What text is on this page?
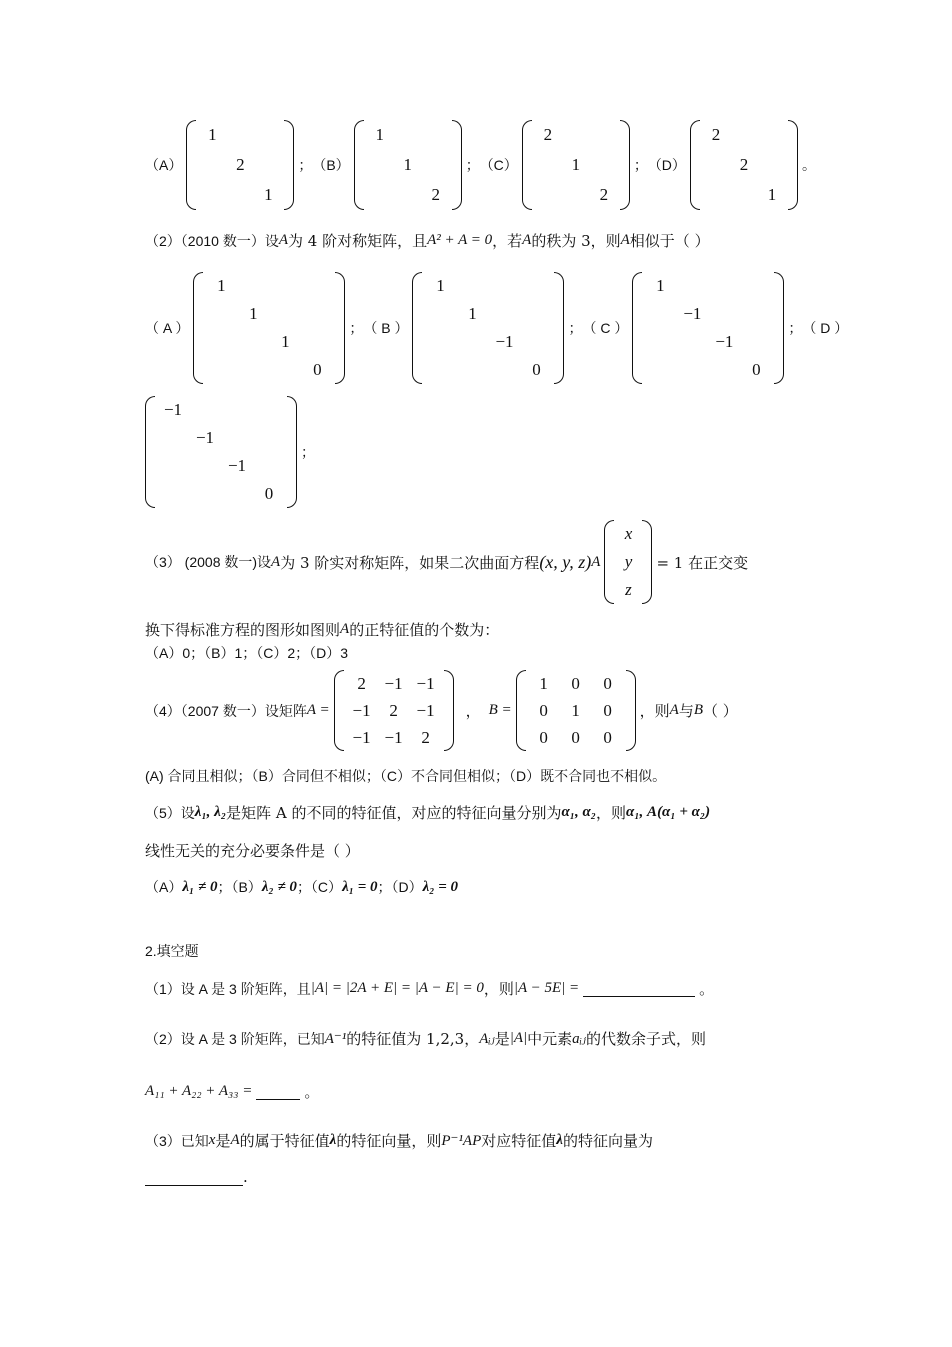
（A）
1		
	2	
		1
； （B）
1		
	1	
		2
； （C）
2		
	1	
		2
； （D）
2		
	2	
		1
。
（2）（2010 数一）设 A 为 4 阶对称矩阵，且 A² + A = 0 ，若 A 的秩为 3，则 A 相似于（ ）
（ A ）
1			
	1		
		1	
			0
； （ B ）
1			
	1		
		−1	
			0
； （ C ）
1			
	−1		
		−1	
			0
； （ D ）
−1			
	−1		
		−1	
			0
；
（3） (2008 数一)设 A 为 3 阶实对称矩阵，如果二次曲面方程 (x, y, z) A
x
y
z
= 1 在正交变
换下得标准方程的图形如图则 A 的正特征值的个数为：
（A）0；（B）1；（C）2；（D）3
（4）（2007 数一）设矩阵 A =
2	−1	−1
−1	2	−1
−1	−1	2
， B =
1	0	0
0	1	0
0	0	0
，则 A 与 B （ ）
(A) 合同且相似；（B）合同但不相似；（C）不合同但相似；（D）既不合同也不相似。
（5）设 λ₁, λ₂ 是矩阵 A 的不同的特征值，对应的特征向量分别为 α₁, α₂ ，则 α₁, A(α₁ + α₂)
线性无关的充分必要条件是（ ）
（A） λ₁ ≠ 0 ；（B） λ₂ ≠ 0 ；（C） λ₁ = 0 ；（D） λ₂ = 0
2.填空题
（1）设 A 是 3 阶矩阵，且 |A| = |2A + E| = |A − E| = 0 ，则 |A − 5E| =	。
（2）设 A 是 3 阶矩阵，已知 A⁻¹ 的特征值为 1,2,3， Aᵢⱼ 是 |A| 中元素 aᵢⱼ 的代数余子式，则
A₁₁ + A₂₂ + A₃₃ =	。
（3）已知 x 是 A 的属于特征值 λ 的特征向量，则 P⁻¹AP 对应特征值 λ 的特征向量为
.
